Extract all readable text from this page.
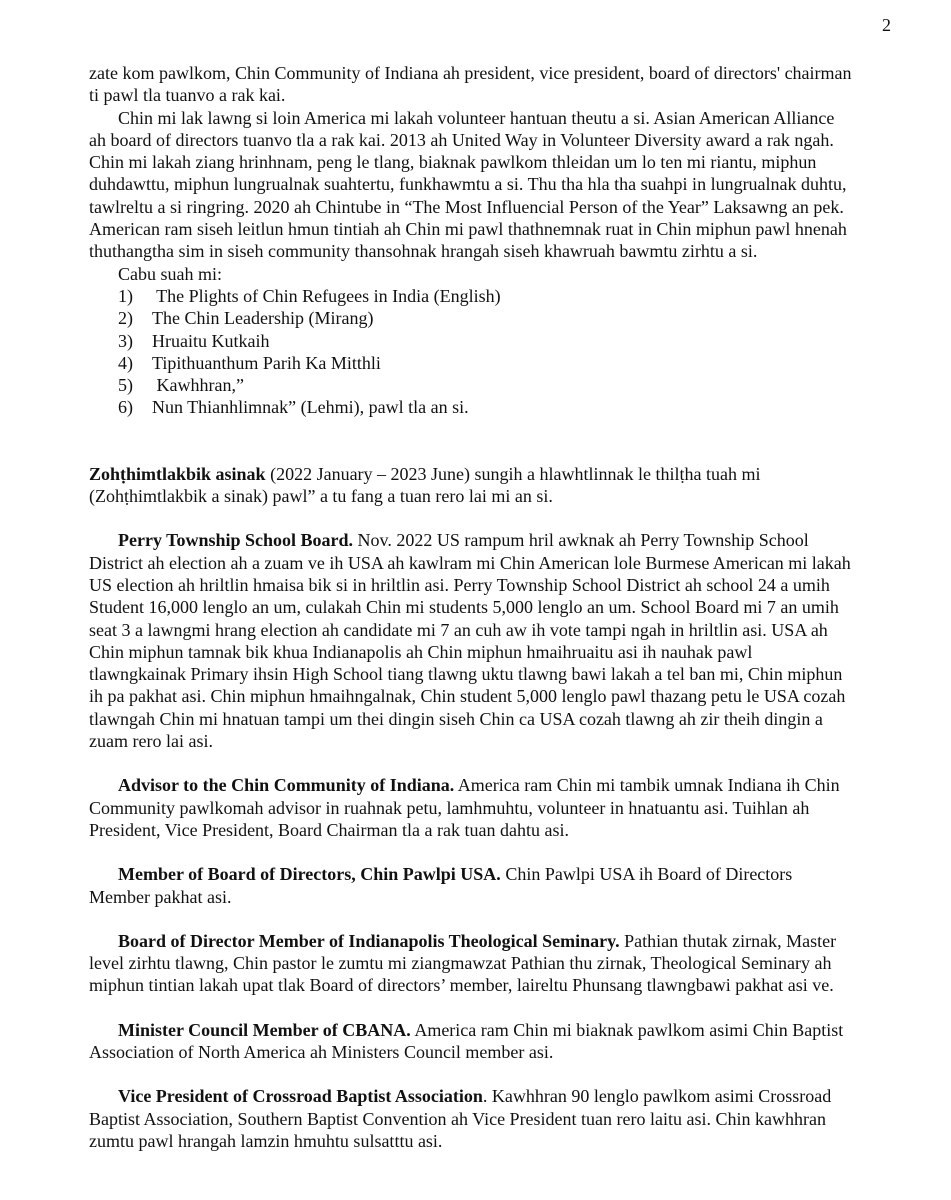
2

zate kom pawlkom, Chin Community of Indiana ah president, vice president, board of directors' chairman ti pawl tla tuanvo a rak kai.

Chin mi lak lawng si loin America mi lakah volunteer hantuan theutu a si. Asian American Alliance ah board of directors tuanvo tla a rak kai. 2013 ah United Way in Volunteer Diversity award a rak ngah. Chin mi lakah ziang hrinhnam, peng le tlang, biaknak pawlkom thleidan um lo ten mi riantu, miphun duhdawttu, miphun lungrualnak suahtertu, funkhawmtu a si. Thu tha hla tha suahpi in lungrualnak duhtu, tawlreltu a si ringring. 2020 ah Chintube in “The Most Influencial Person of the Year” Laksawng an pek. American ram siseh leitlun hmun tintiah ah Chin mi pawl thathnemnak ruat in Chin miphun pawl hnenah thuthangtha sim in siseh community thansohnak hrangah siseh khawruah bawmtu zirhtu a si.

Cabu suah mi:

1) The Plights of Chin Refugees in India (English)
2) The Chin Leadership (Mirang)
3) Hruaitu Kutkaih
4) Tipithuanthum Parih Ka Mitthli
5) Kawhhran,”
6) Nun Thianhlimnak” (Lehmi), pawl tla an si.

Zohṭhimtlakbik asinak (2022 January – 2023 June) sungih a hlawhtlinnak le thilṭha tuah mi (Zohṭhimtlakbik a sinak) pawl” a tu fang a tuan rero lai mi an si.

Perry Township School Board. Nov. 2022 US rampum hril awknak ah Perry Township School District ah election ah a zuam ve ih USA ah kawlram mi Chin American lole Burmese American mi lakah US election ah hriltlin hmaisa bik si in hriltlin asi. Perry Township School District ah school 24 a umih Student 16,000 lenglo an um, culakah Chin mi students 5,000 lenglo an um. School Board mi 7 an umih seat 3 a lawngmi hrang election ah candidate mi 7 an cuh aw ih vote tampi ngah in hriltlin asi. USA ah Chin miphun tamnak bik khua Indianapolis ah Chin miphun hmaihruaitu asi ih nauhak pawl tlawngkainak Primary ihsin High School tiang tlawng uktu tlawng bawi lakah a tel ban mi, Chin miphun ih pa pakhat asi. Chin miphun hmaihngalnak, Chin student 5,000 lenglo pawl thazang petu le USA cozah tlawngah Chin mi hnatuan tampi um thei dingin siseh Chin ca USA cozah tlawng ah zir theih dingin a zuam rero lai asi.

Advisor to the Chin Community of Indiana. America ram Chin mi tambik umnak Indiana ih Chin Community pawlkomah advisor in ruahnak petu, lamhmuhtu, volunteer in hnatuantu asi. Tuihlan ah President, Vice President, Board Chairman tla a rak tuan dahtu asi.

Member of Board of Directors, Chin Pawlpi USA. Chin Pawlpi USA ih Board of Directors Member pakhat asi.

Board of Director Member of Indianapolis Theological Seminary. Pathian thutak zirnak, Master level zirhtu tlawng, Chin pastor le zumtu mi ziangmawzat Pathian thu zirnak, Theological Seminary ah miphun tintian lakah upat tlak Board of directors’ member, laireltu Phunsang tlawngbawi pakhat asi ve.

Minister Council Member of CBANA. America ram Chin mi biaknak pawlkom asimi Chin Baptist Association of North America ah Ministers Council member asi.

Vice President of Crossroad Baptist Association. Kawhhran 90 lenglo pawlkom asimi Crossroad Baptist Association, Southern Baptist Convention ah Vice President tuan rero laitu asi. Chin kawhhran zumtu pawl hrangah lamzin hmuhtu sulsatttu asi.
